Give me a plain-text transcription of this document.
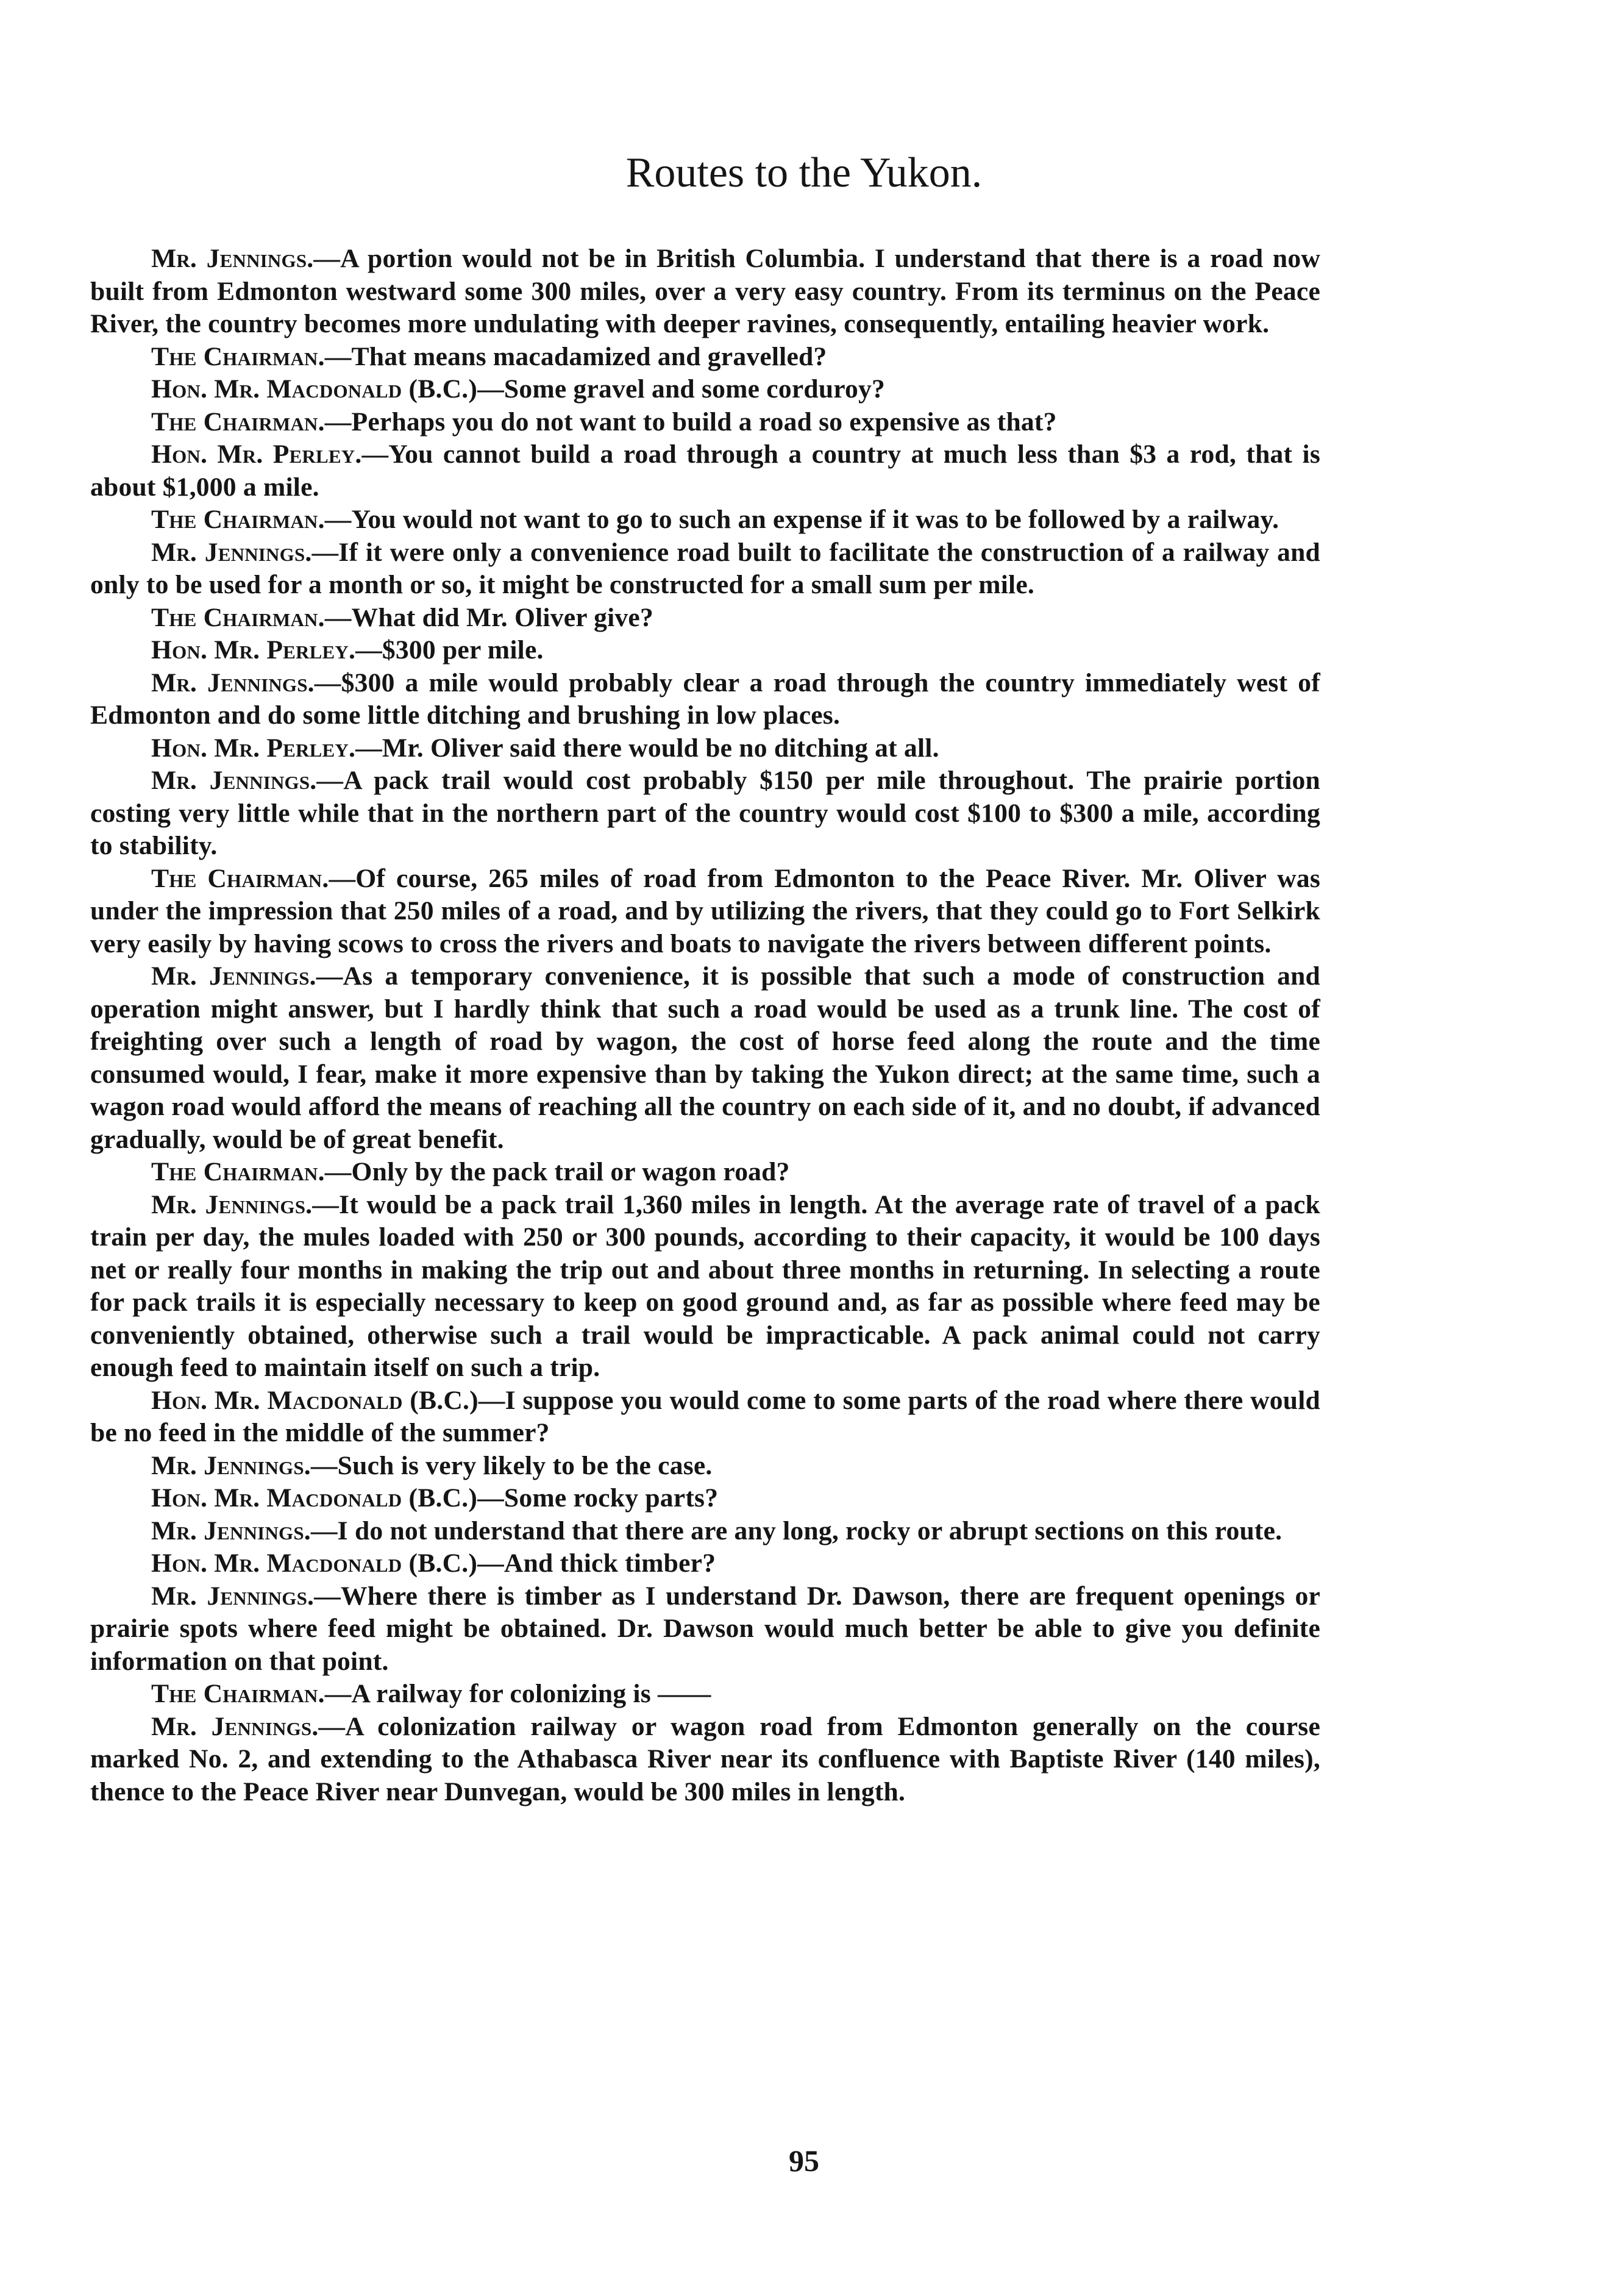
Routes to the Yukon.

Mr. Jennings.—A portion would not be in British Columbia. I understand that there is a road now built from Edmonton westward some 300 miles, over a very easy country. From its terminus on the Peace River, the country becomes more undulating with deeper ravines, consequently, entailing heavier work.

The Chairman.—That means macadamized and gravelled?

Hon. Mr. Macdonald (B.C.)—Some gravel and some corduroy?

The Chairman.—Perhaps you do not want to build a road so expensive as that?

Hon. Mr. Perley.—You cannot build a road through a country at much less than $3 a rod, that is about $1,000 a mile.

The Chairman.—You would not want to go to such an expense if it was to be followed by a railway.

Mr. Jennings.—If it were only a convenience road built to facilitate the construction of a railway and only to be used for a month or so, it might be constructed for a small sum per mile.

The Chairman.—What did Mr. Oliver give?

Hon. Mr. Perley.—$300 per mile.

Mr. Jennings.—$300 a mile would probably clear a road through the country immediately west of Edmonton and do some little ditching and brushing in low places.

Hon. Mr. Perley.—Mr. Oliver said there would be no ditching at all.

Mr. Jennings.—A pack trail would cost probably $150 per mile throughout. The prairie portion costing very little while that in the northern part of the country would cost $100 to $300 a mile, according to stability.

The Chairman.—Of course, 265 miles of road from Edmonton to the Peace River. Mr. Oliver was under the impression that 250 miles of a road, and by utilizing the rivers, that they could go to Fort Selkirk very easily by having scows to cross the rivers and boats to navigate the rivers between different points.

Mr. Jennings.—As a temporary convenience, it is possible that such a mode of construction and operation might answer, but I hardly think that such a road would be used as a trunk line. The cost of freighting over such a length of road by wagon, the cost of horse feed along the route and the time consumed would, I fear, make it more expensive than by taking the Yukon direct; at the same time, such a wagon road would afford the means of reaching all the country on each side of it, and no doubt, if advanced gradually, would be of great benefit.

The Chairman.—Only by the pack trail or wagon road?

Mr. Jennings.—It would be a pack trail 1,360 miles in length. At the average rate of travel of a pack train per day, the mules loaded with 250 or 300 pounds, according to their capacity, it would be 100 days net or really four months in making the trip out and about three months in returning. In selecting a route for pack trails it is especially necessary to keep on good ground and, as far as possible where feed may be conveniently obtained, otherwise such a trail would be impracticable. A pack animal could not carry enough feed to maintain itself on such a trip.

Hon. Mr. Macdonald (B.C.)—I suppose you would come to some parts of the road where there would be no feed in the middle of the summer?

Mr. Jennings.—Such is very likely to be the case.

Hon. Mr. Macdonald (B.C.)—Some rocky parts?

Mr. Jennings.—I do not understand that there are any long, rocky or abrupt sections on this route.

Hon. Mr. Macdonald (B.C.)—And thick timber?

Mr. Jennings.—Where there is timber as I understand Dr. Dawson, there are frequent openings or prairie spots where feed might be obtained. Dr. Dawson would much better be able to give you definite information on that point.

The Chairman.—A railway for colonizing is ——

Mr. Jennings.—A colonization railway or wagon road from Edmonton generally on the course marked No. 2, and extending to the Athabasca River near its confluence with Baptiste River (140 miles), thence to the Peace River near Dunvegan, would be 300 miles in length.

95
